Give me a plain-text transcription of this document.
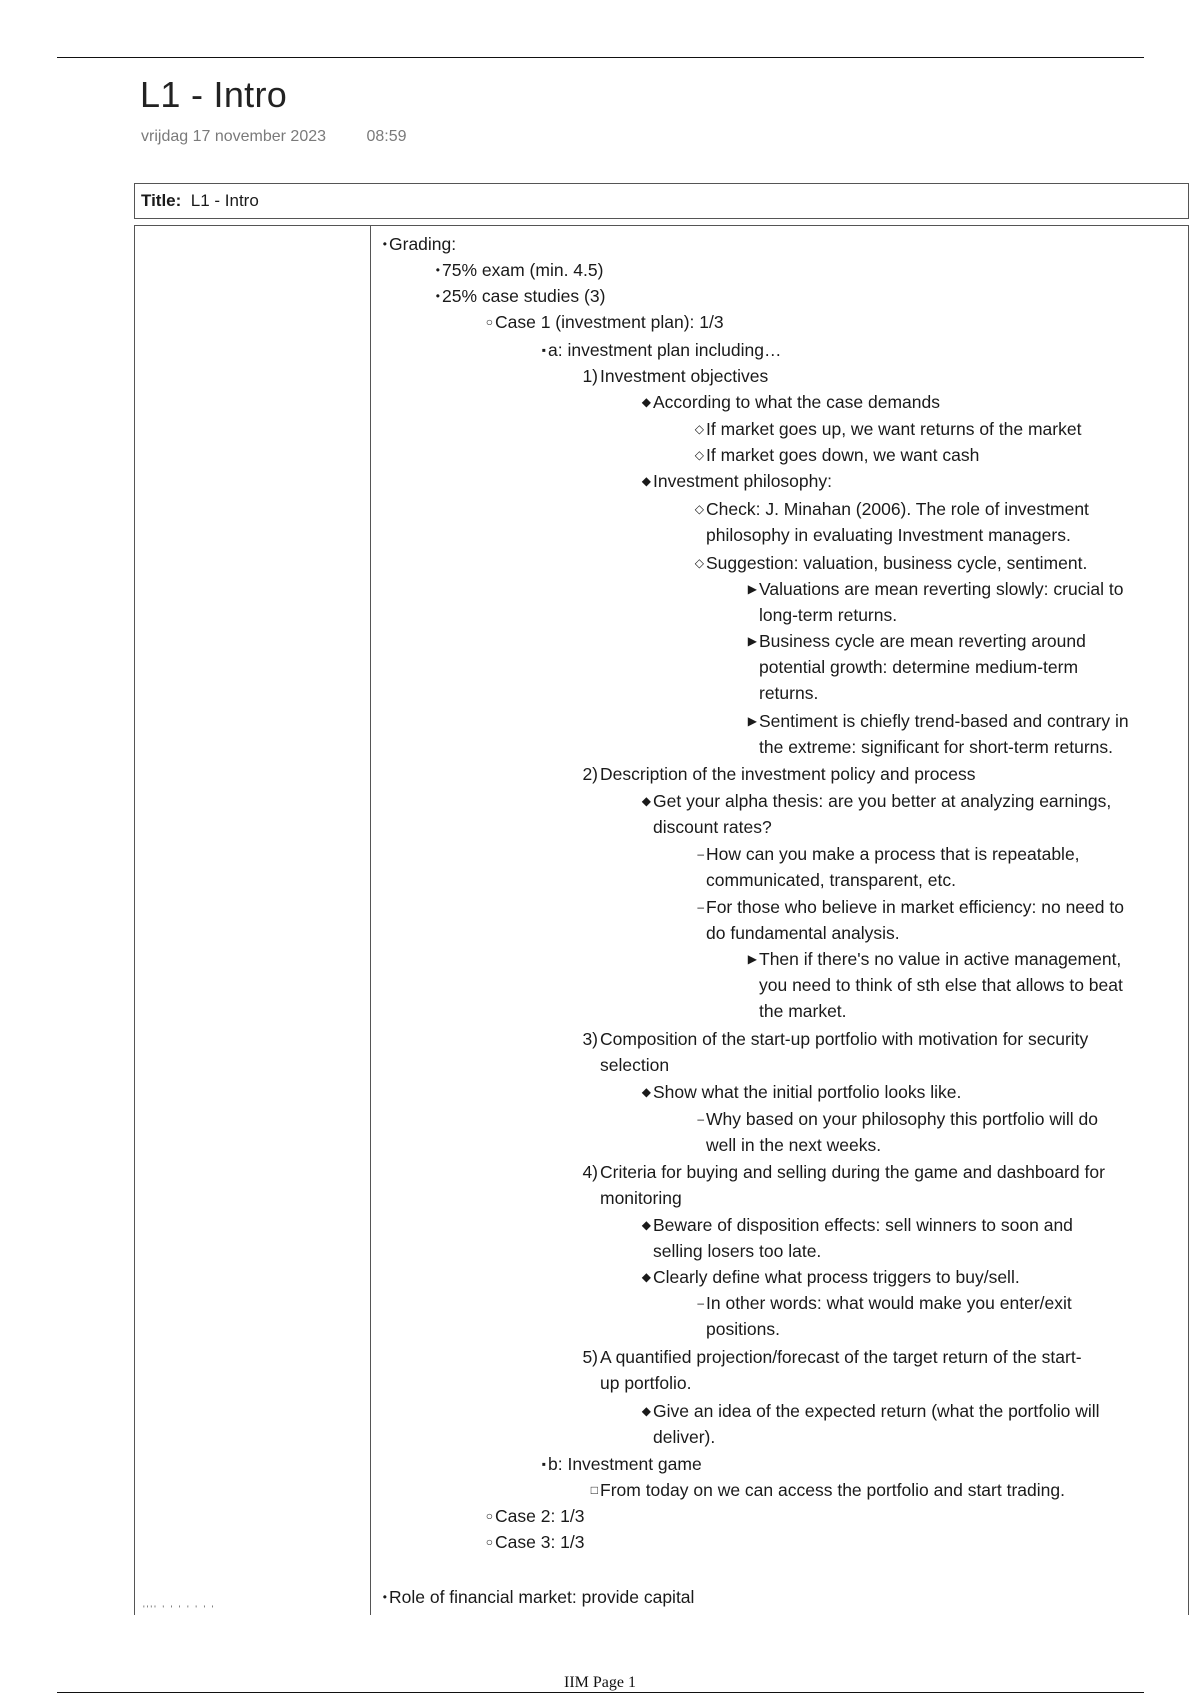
L1 - Intro
vrijdag 17 november 2023	08:59
Title: L1 - Intro
'''' ' ' ' ' ' ' '
• Grading:
• 75% exam (min. 4.5)
• 25% case studies (3)
○ Case 1 (investment plan): 1/3
▪ a: investment plan including…
1) Investment objectives
◆ According to what the case demands
◇ If market goes up, we want returns of the market
◇ If market goes down, we want cash
◆ Investment philosophy:
◇ Check: J. Minahan (2006). The role of investment
philosophy in evaluating Investment managers.
◇ Suggestion: valuation, business cycle, sentiment.
▶ Valuations are mean reverting slowly: crucial to
long-term returns.
▶ Business cycle are mean reverting around
potential growth: determine medium-term
returns.
▶ Sentiment is chiefly trend-based and contrary in
the extreme: significant for short-term returns.
2) Description of the investment policy and process
◆ Get your alpha thesis: are you better at analyzing earnings,
discount rates?
– How can you make a process that is repeatable,
communicated, transparent, etc.
– For those who believe in market efficiency: no need to
do fundamental analysis.
▶ Then if there's no value in active management,
you need to think of sth else that allows to beat
the market.
3) Composition of the start-up portfolio with motivation for security
selection
◆ Show what the initial portfolio looks like.
– Why based on your philosophy this portfolio will do
well in the next weeks.
4) Criteria for buying and selling during the game and dashboard for
monitoring
◆ Beware of disposition effects: sell winners to soon and
selling losers too late.
◆ Clearly define what process triggers to buy/sell.
– In other words: what would make you enter/exit
positions.
5) A quantified projection/forecast of the target return of the start-
up portfolio.
◆ Give an idea of the expected return (what the portfolio will
deliver).
▪ b: Investment game
□ From today on we can access the portfolio and start trading.
○ Case 2: 1/3
○ Case 3: 1/3
• Role of financial market: provide capital
IIM Page 1
